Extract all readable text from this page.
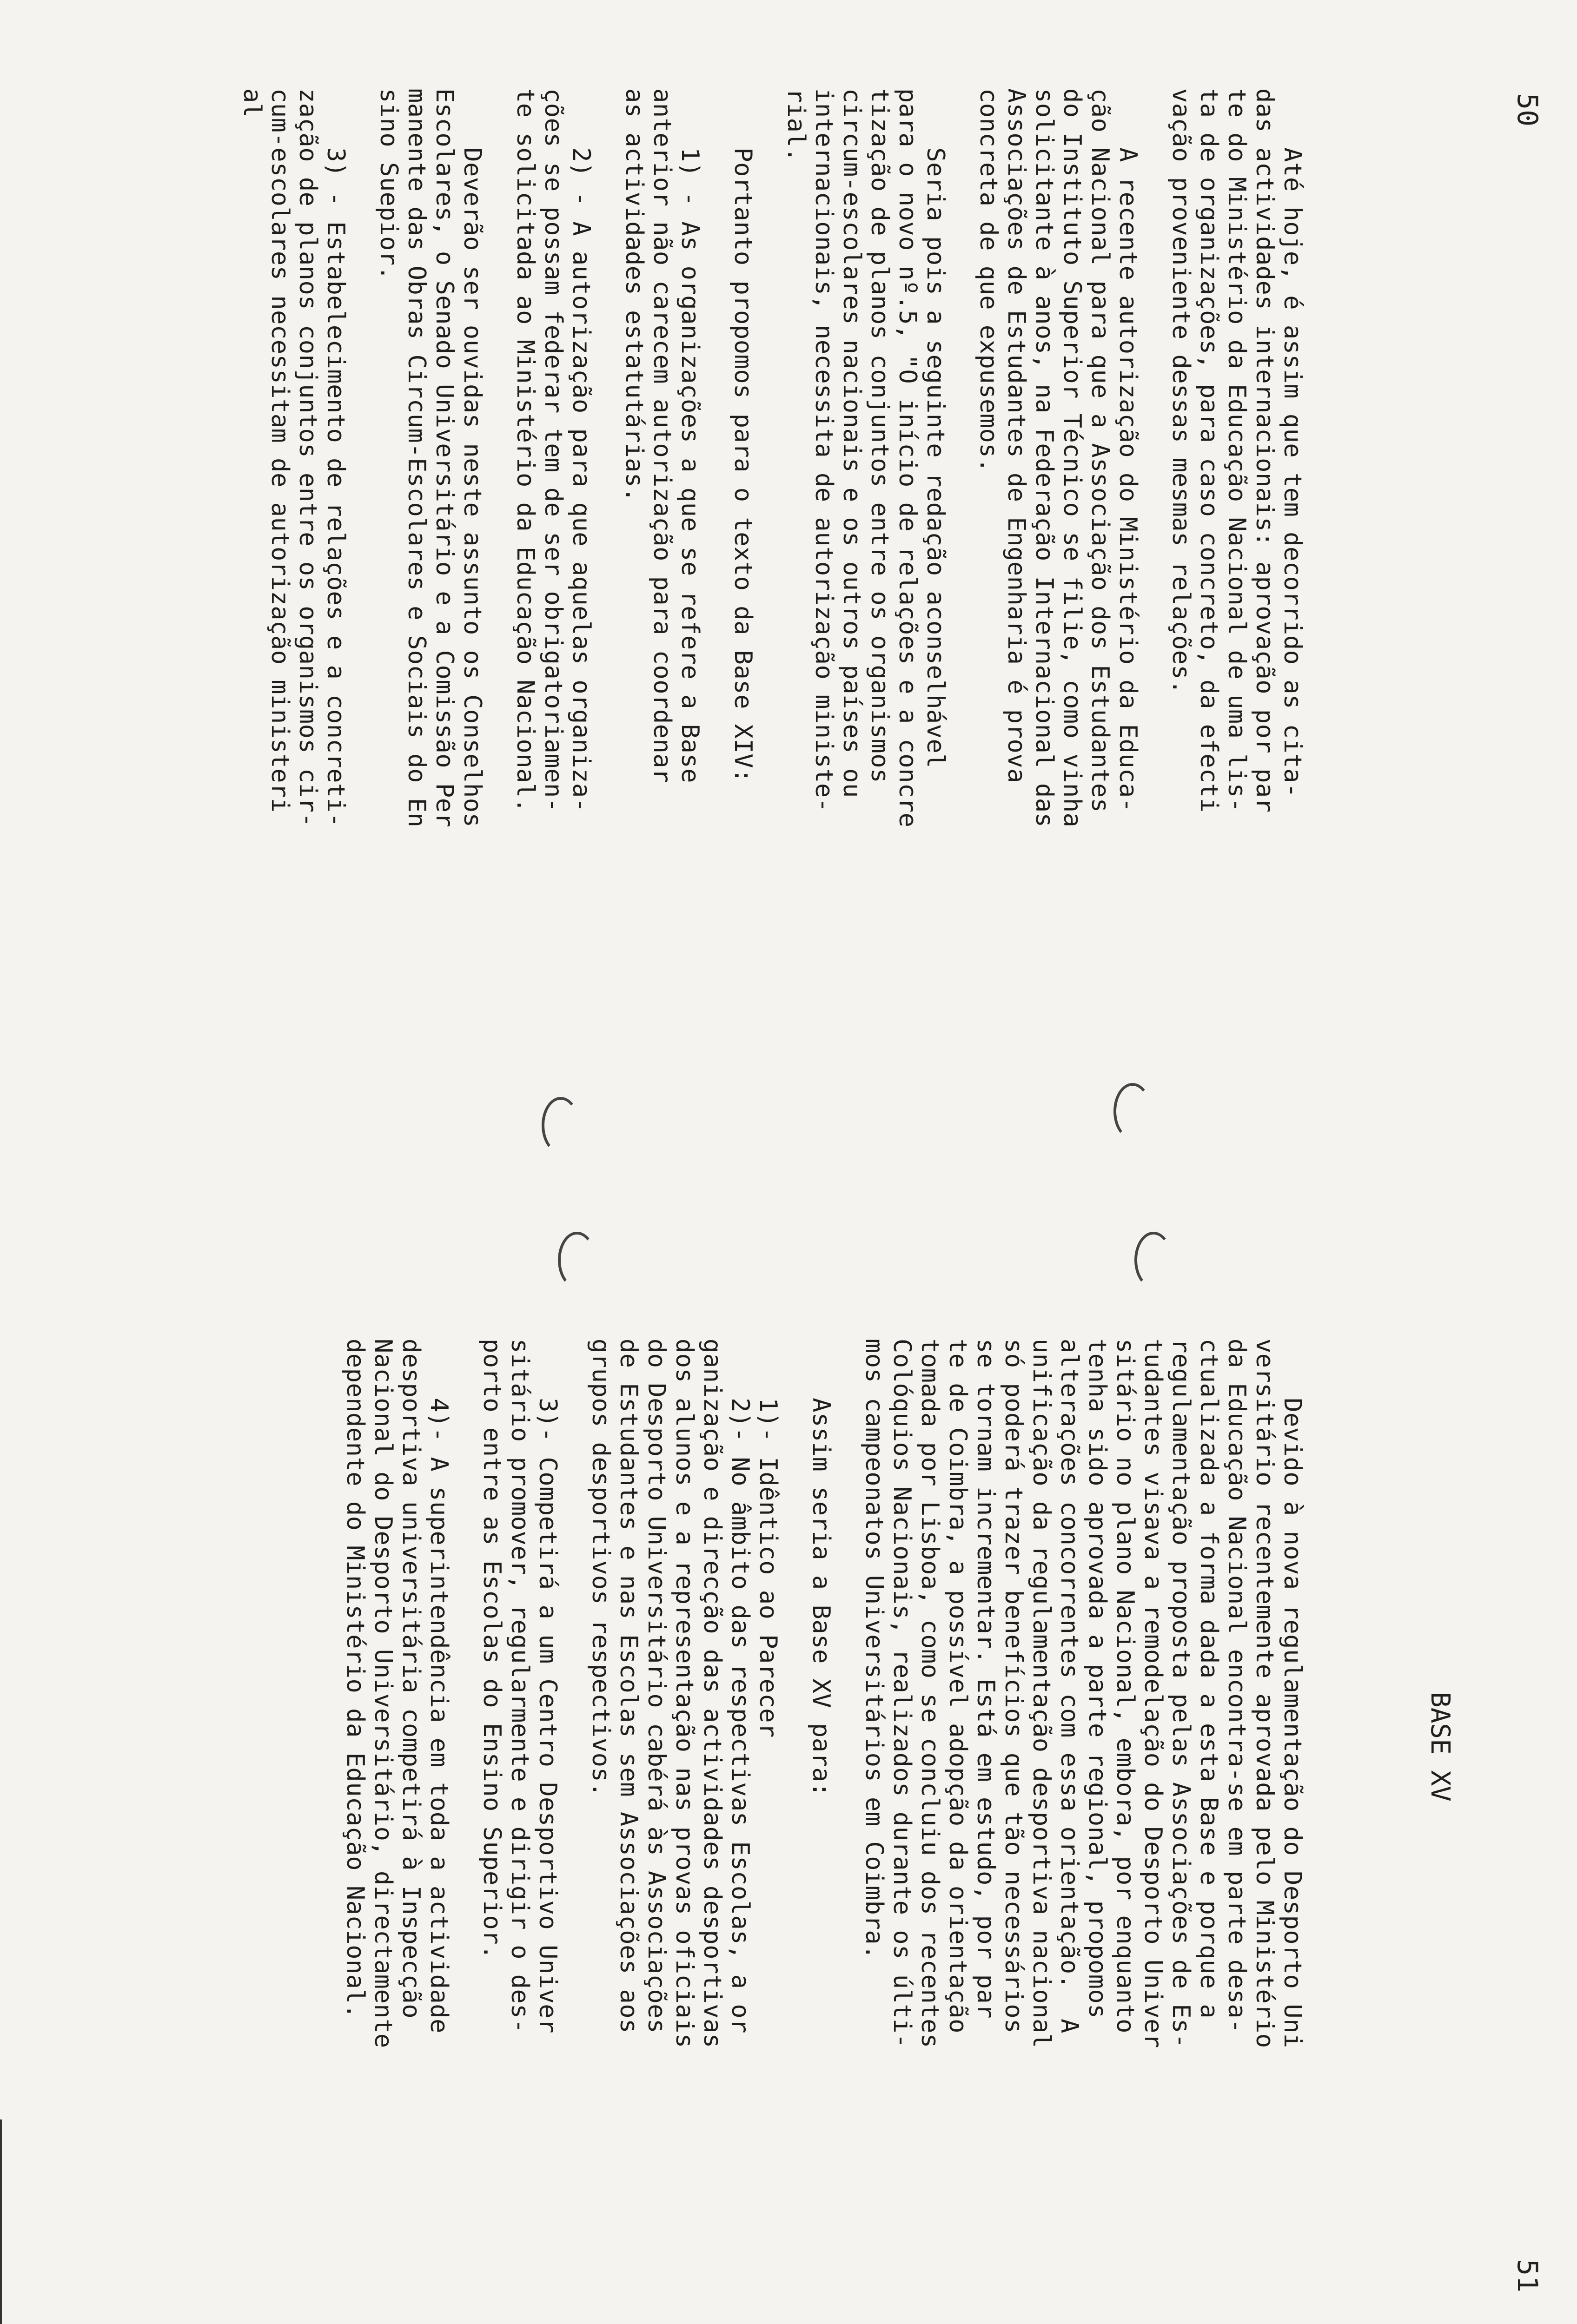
50

Até hoje, é assim que tem decorrido as cita-
das actividades internacionais: aprovação por par
te do Ministério da Educação Nacional de uma lis-
ta de organizações, para caso concreto, da efecti
vação proveniente dessas mesmas relações.
A recente autorização do Ministério da Educa-
ção Nacional para que a Associação dos Estudantes
do Instituto Superior Técnico se filie, como vinha
solicitante à anos, na Federação Internacional das
Associações de Estudantes de Engenharia é prova
concreta de que expusemos.
Seria pois a seguinte redação aconselhável
para o novo nº.5, "O início de relações e a concre
tização de planos conjuntos entre os organismos
circum-escolares nacionais e os outros países ou
internacionais, necessita de autorização ministe-
rial.
Portanto propomos para o texto da Base XIV:
1) - As organizações a que se refere a Base
anterior não carecem autorização para coordenar
as actividades estatutárias.
2) - A autorização para que aquelas organiza-
ções se possam federar tem de ser obrigatoriamen-
te solicitada ao Ministério da Educação Nacional.
Deverão ser ouvidas neste assunto os Conselhos
Escolares, o Senado Universitário e a Comissão Per
manente das Obras Circum-Escolares e Sociais do En
sino Suepior.
3) - Estabelecimento de relações e a concreti-
zação de planos conjuntos entre os organismos cir-
cum-escolares necessitam de autorização ministeri
al

51
BASE XV

Devido à nova regulamentação do Desporto Uni
versitário recentemente aprovada pelo Ministério
da Educação Nacional encontra-se em parte desa-
ctualizada a forma dada a esta Base e porque a
regulamentação proposta pelas Associações de Es-
tudantes visava a remodelação do Desporto Univer
sitário no plano Nacional, embora, por enquanto
tenha sido aprovada a parte regional, propomos
alterações concorrentes com essa orientação.  A
unificação da regulamentação desportiva nacional
só poderá trazer benefícios que tão necessários
se tornam incrementar. Está em estudo, por par
te de Coimbra, a possível adopção da orientação
tomada por Lisboa, como se concluiu dos recentes
Colóquios Nacionais, realizados durante os últi-
mos campeonatos Universitários em Coimbra.
Assim seria a Base XV para:
1)- Idêntico ao Parecer
2)- No âmbito das respectivas Escolas, a or
ganização e direcção das actividades desportivas
dos alunos e a representação nas provas oficiais
do Desporto Universitário cabérá às Associações
de Estudantes e nas Escolas sem Associações aos
grupos desportivos respectivos.
3)- Competirá a um Centro Desportivo Univer
sitário promover, regularmente e dirigir o des-
porto entre as Escolas do Ensino Superior.
4)- A superintendência em toda a actividade
desportiva universitária competirá à Inspecção
Nacional do Desporto Universitário, directamente
dependente do Ministério da Educação Nacional.
